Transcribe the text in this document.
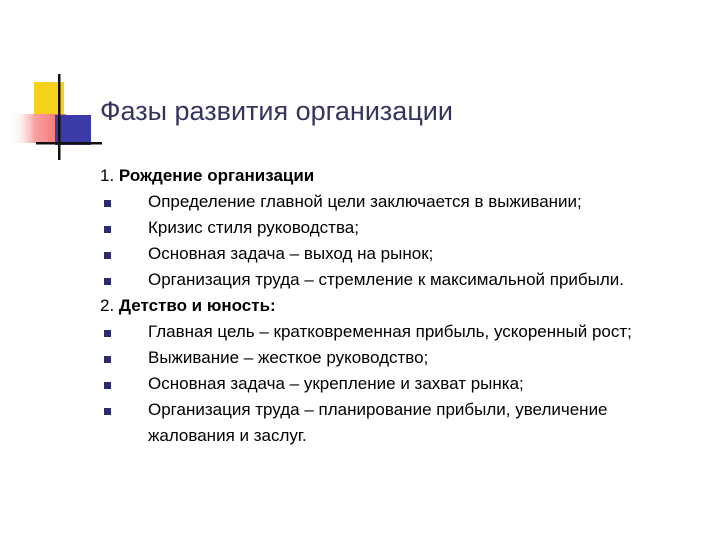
Фазы развития организации
1. Рождение организации
Определение главной цели заключается в выживании;
Кризис стиля руководства;
Основная задача – выход на рынок;
Организация труда – стремление к максимальной прибыли.
2. Детство и юность:
Главная цель – кратковременная прибыль, ускоренный рост;
Выживание – жесткое руководство;
Основная задача – укрепление и захват рынка;
Организация труда – планирование прибыли, увеличение
жалования и заслуг.
